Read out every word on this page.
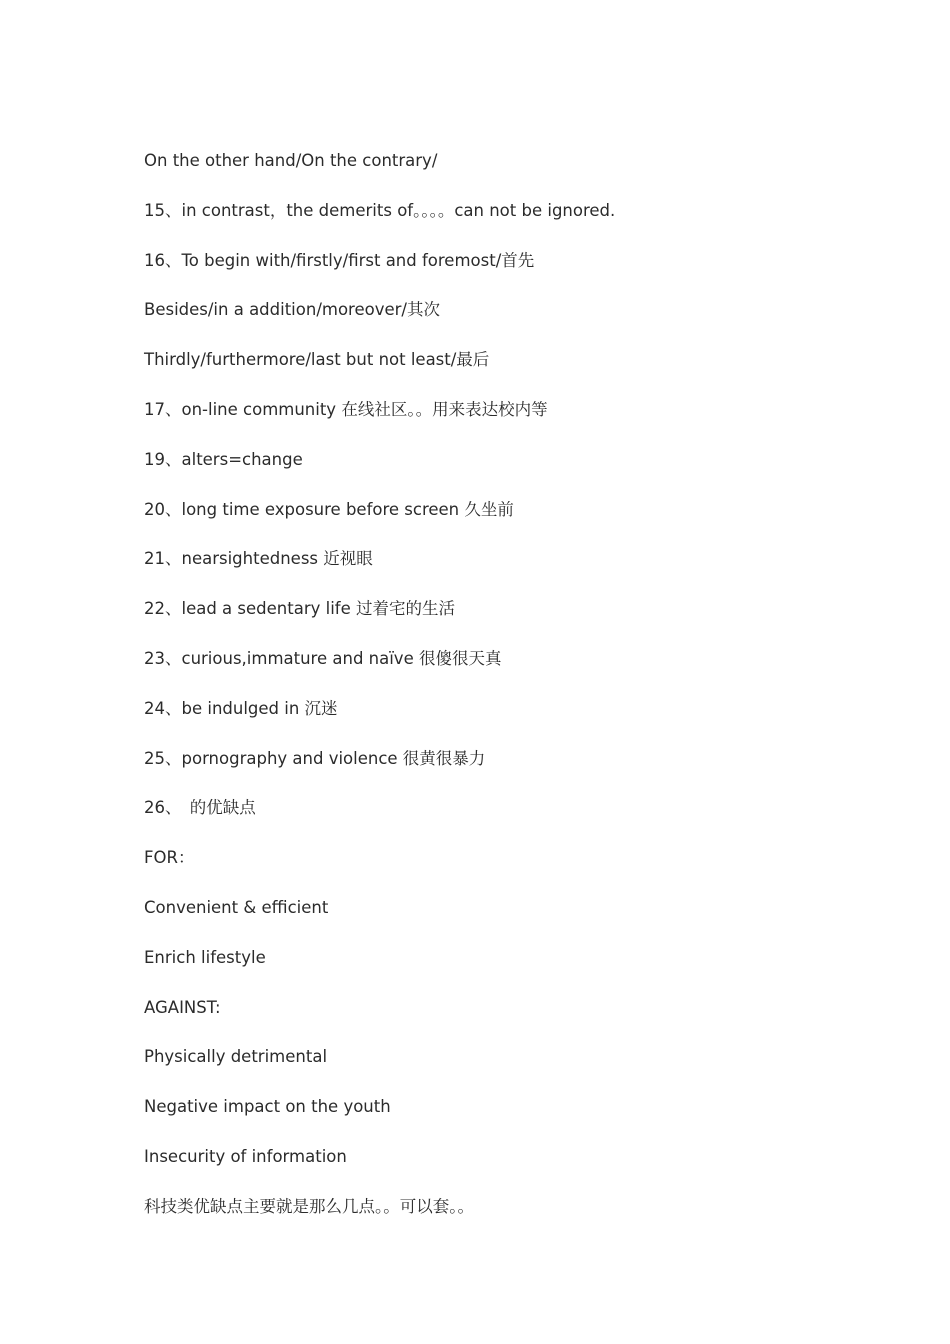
On the other hand/On the contrary/
15、in contrast，the demerits of。。。。can not be ignored.
16、To begin with/firstly/first and foremost/首先
Besides/in a addition/moreover/其次
Thirdly/furthermore/last but not least/最后
17、on-line community 在线社区。。用来表达校内等
19、alters=change
20、long time exposure before screen 久坐前
21、nearsightedness 近视眼
22、lead a sedentary life 过着宅的生活
23、curious,immature and naïve 很傻很天真
24、be indulged in 沉迷
25、pornography and violence 很黄很暴力
26、　的优缺点
FOR：
Convenient & efficient
Enrich lifestyle
AGAINST:
Physically detrimental
Negative impact on the youth
Insecurity of information
科技类优缺点主要就是那么几点。。可以套。。
